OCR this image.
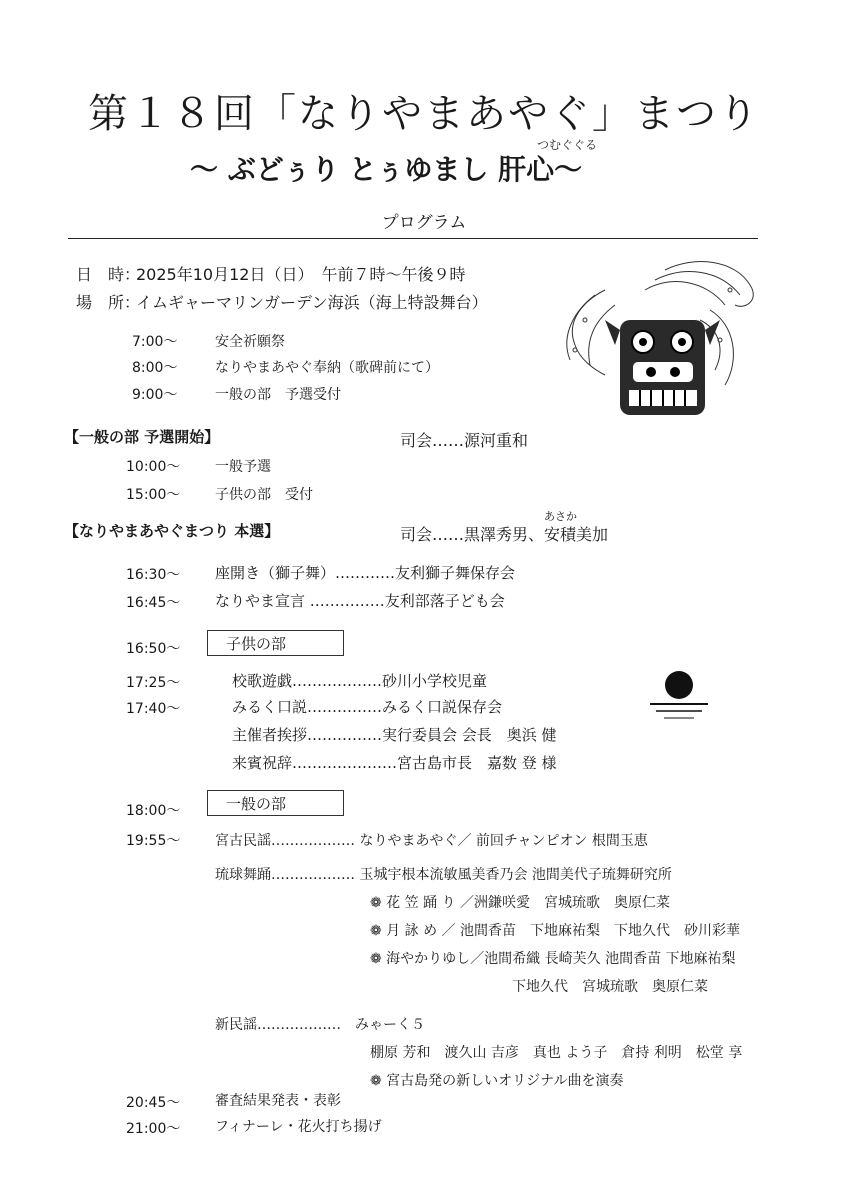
第１８回「なりやまあやぐ」まつり
つむぐぐる
〜 ぶどぅり とぅゆまし 肝心〜
プログラム
日　時：
2025年10月12日（日）　午前７時〜午後９時
場　所：
イムギャーマリンガーデン海浜（海上特設舞台）
7:00〜	安全祈願祭
8:00〜	なりやまあやぐ奉納（歌碑前にて）
9:00〜	一般の部　予選受付
【一般の部 予選開始】	司会……源河重和
10:00〜 一般予選
15:00〜 子供の部　受付
【なりやまあやぐまつり 本選】
あさか
司会……黒澤秀男、安積美加
16:30〜 座開き（獅子舞）…………友利獅子舞保存会
16:45〜 なりやま宣言 ……………友利部落子ども会
16:50〜	子供の部
17:25〜	校歌遊戯………………砂川小学校児童
17:40〜	みるく口説……………みるく口説保存会
主催者挨拶……………実行委員会 会長　奥浜 健
来賓祝辞…………………宮古島市長　嘉数 登 様
18:00〜	一般の部
19:55〜 宮古民謡……………… なりやまあやぐ／ 前回チャンピオン 根間玉恵
琉球舞踊……………… 玉城宇根本流敏風美香乃会 池間美代子琉舞研究所
❁ 花 笠 踊 り ／洲鎌咲愛　宮城琉歌　奥原仁菜
❁ 月 詠 め ／ 池間香苗　下地麻祐梨　下地久代　砂川彩華
❁ 海やかりゆし／池間希織 長崎芙久 池間香苗 下地麻祐梨
下地久代　宮城琉歌　奥原仁菜
新民謡………………　みゃーく５
棚原 芳和　渡久山 吉彦　真也 よう子　倉持 利明　松堂 享
❁ 宮古島発の新しいオリジナル曲を演奏
20:45〜 審査結果発表・表彰
21:00〜 フィナーレ・花火打ち揚げ
